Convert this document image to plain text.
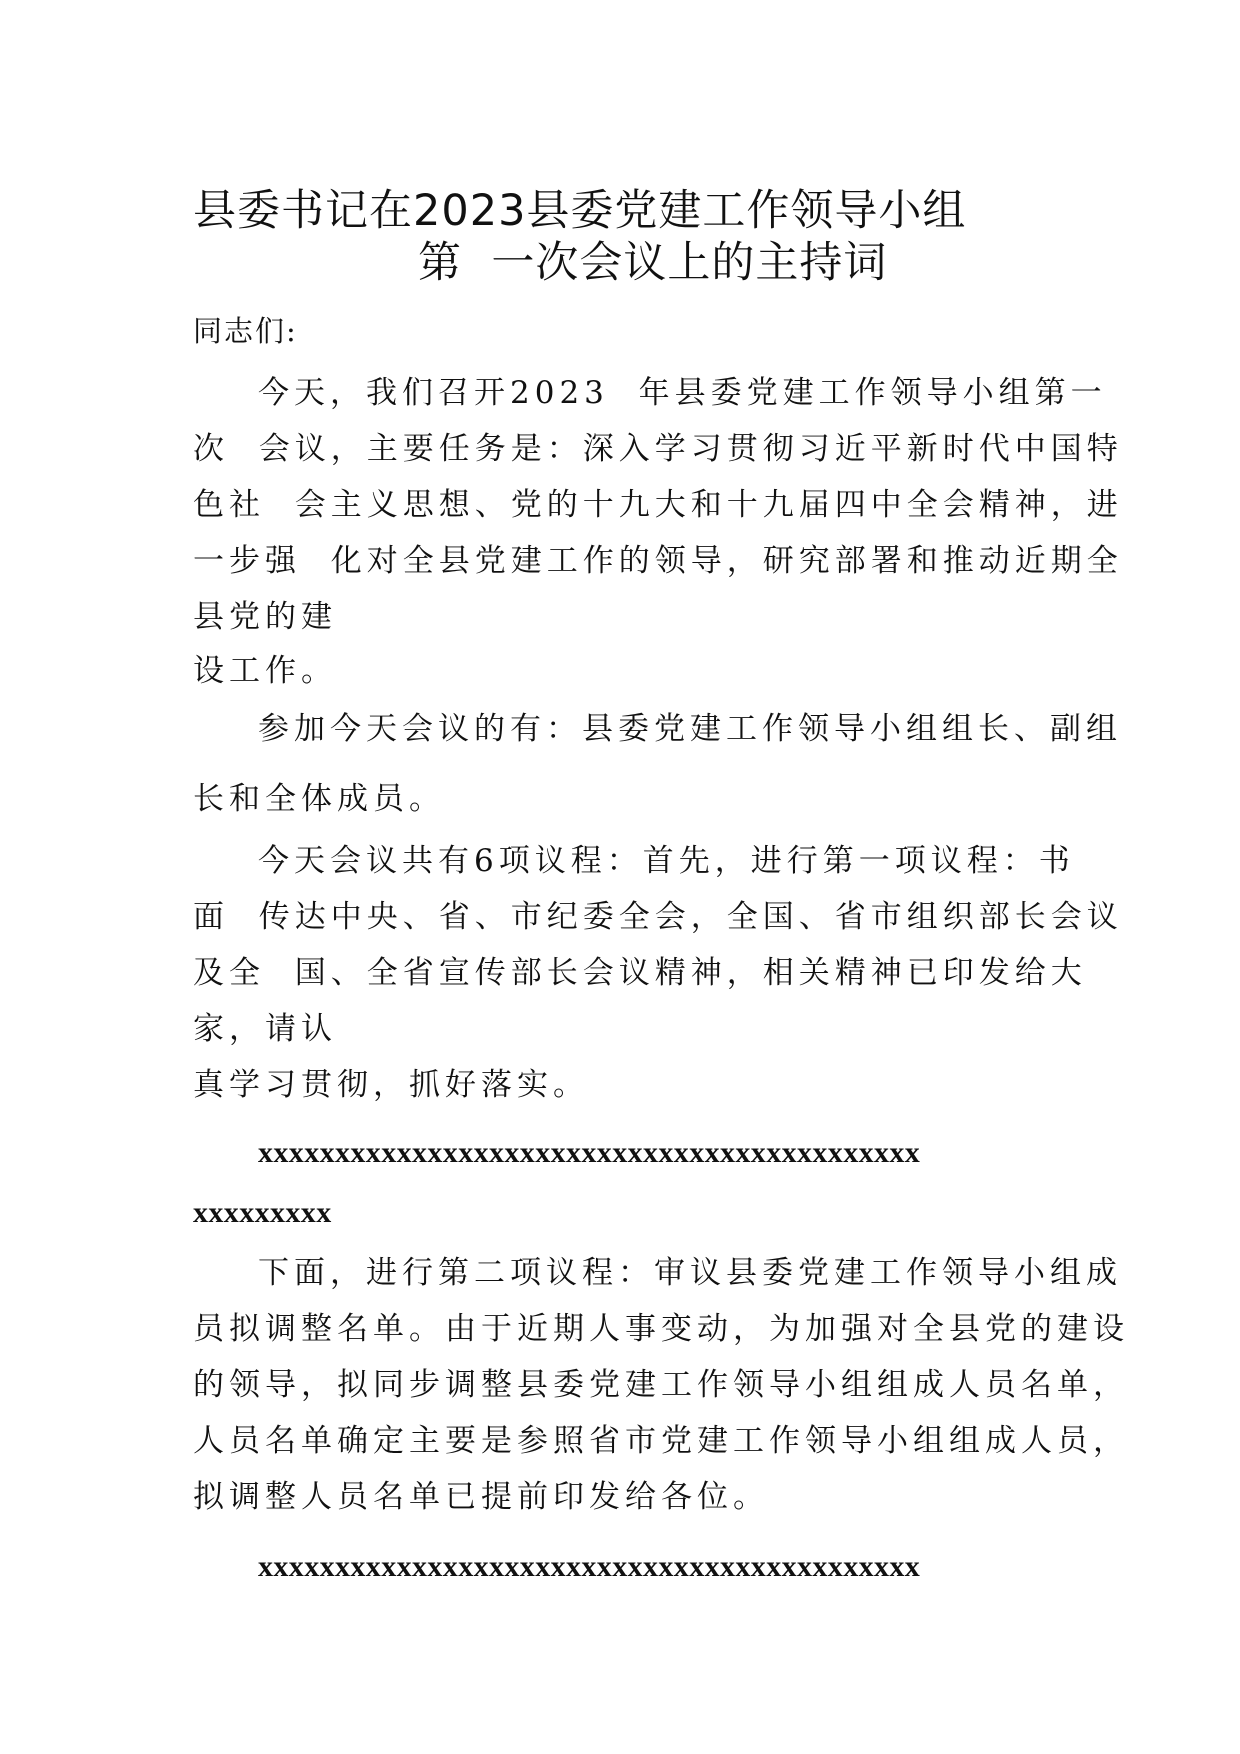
县委书记在2023县委党建工作领导小组
第  一次会议上的主持词
同志们:
今天，我们召开2023  年县委党建工作领导小组第一
次  会议，主要任务是：深入学习贯彻习近平新时代中国特
色社  会主义思想、党的十九大和十九届四中全会精神，进
一步强  化对全县党建工作的领导，研究部署和推动近期全
县党的建
设工作。
参加今天会议的有：县委党建工作领导小组组长、副组
长和全体成员。
今天会议共有6项议程：首先，进行第一项议程：书
面  传达中央、省、市纪委全会，全国、省市组织部长会议
及全  国、全省宣传部长会议精神，相关精神已印发给大
家，请认
真学习贯彻，抓好落实。
xxxxxxxxxxxxxxxxxxxxxxxxxxxxxxxxxxxxxxxxxxx
xxxxxxxxx
下面，进行第二项议程：审议县委党建工作领导小组成
员拟调整名单。由于近期人事变动，为加强对全县党的建设
的领导，拟同步调整县委党建工作领导小组组成人员名单，
人员名单确定主要是参照省市党建工作领导小组组成人员，
拟调整人员名单已提前印发给各位。
xxxxxxxxxxxxxxxxxxxxxxxxxxxxxxxxxxxxxxxxxxx
